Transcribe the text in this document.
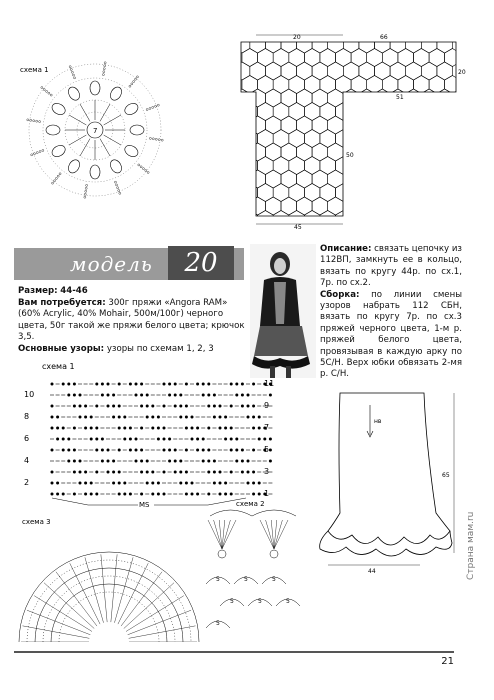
схема 1
7
20	66
20
51
50
45
модель	20
Размер: 44-46
Вам потребуется: 300г пряжи «Angora RAM» (60% Acrylic, 40% Mohair, 500м/100г) черного цвета, 50г такой же пряжи белого цвета; крючок 3,5.
Основные узоры: узоры по схемам 1, 2, 3
Описание: связать цепочку из 112ВП, замкнуть ее в кольцо, вязать по кругу 44р. по сх.1, 7р. по сх.2.
Сборка: по линии смены узоров набрать 112 СБН, вязать по кругу 7р. по сх.3 пряжей черного цвета, 1-м р. пряжей белого цвета, провязывая в каждую арку по 5С/Н. Верх юбки обвязать 2-мя р. С/Н.
схема 1
10
8
6
4
2
11
9
7
5
3
1
MS
нв
65
44
схема 3
схема 2
5	5	5
5	5	5
5
21
Страна мам.ru
